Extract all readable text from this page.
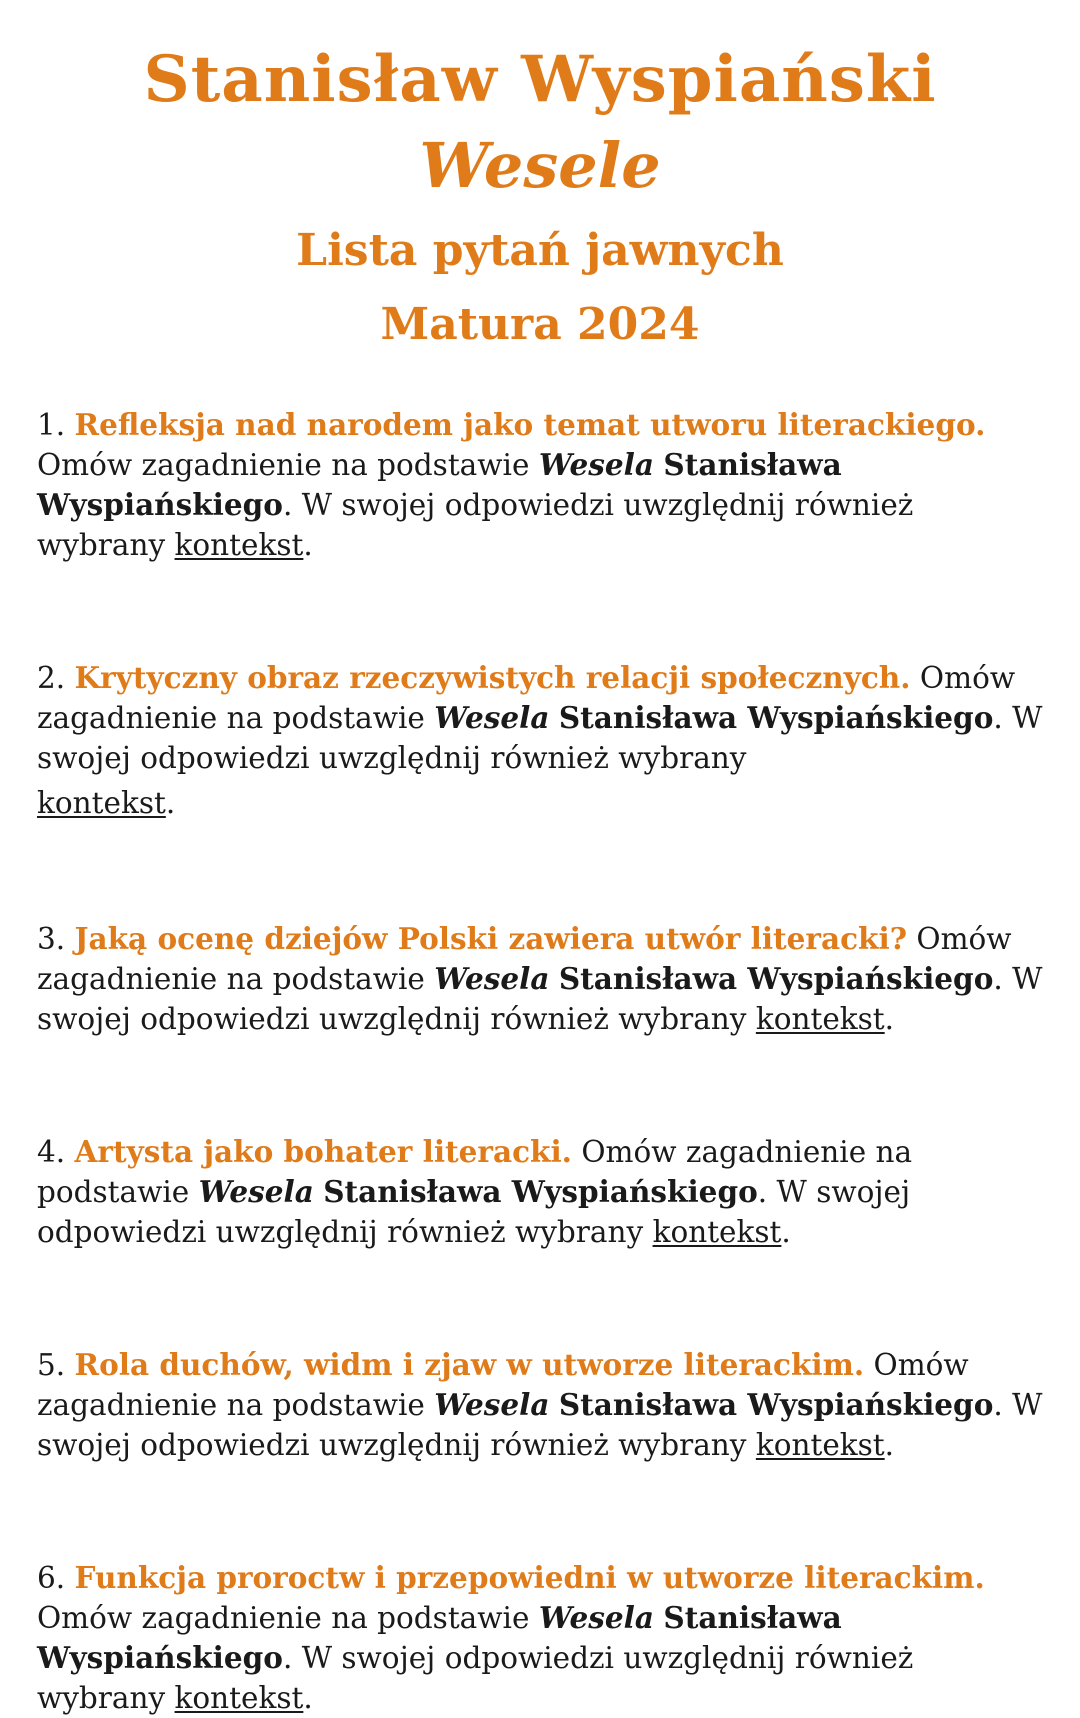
Stanisław Wyspiański
Wesele
Lista pytań jawnych
Matura 2024

1. Refleksja nad narodem jako temat utworu literackiego. Omów zagadnienie na podstawie Wesela Stanisława Wyspiańskiego. W swojej odpowiedzi uwzględnij również wybrany kontekst.

2. Krytyczny obraz rzeczywistych relacji społecznych. Omów zagadnienie na podstawie Wesela Stanisława Wyspiańskiego. W swojej odpowiedzi uwzględnij również wybrany
kontekst.

3. Jaką ocenę dziejów Polski zawiera utwór literacki? Omów zagadnienie na podstawie Wesela Stanisława Wyspiańskiego. W swojej odpowiedzi uwzględnij również wybrany kontekst.

4. Artysta jako bohater literacki. Omów zagadnienie na podstawie Wesela Stanisława Wyspiańskiego. W swojej odpowiedzi uwzględnij również wybrany kontekst.

5. Rola duchów, widm i zjaw w utworze literackim. Omów zagadnienie na podstawie Wesela Stanisława Wyspiańskiego. W swojej odpowiedzi uwzględnij również wybrany kontekst.

6. Funkcja proroctw i przepowiedni w utworze literackim. Omów zagadnienie na podstawie Wesela Stanisława Wyspiańskiego. W swojej odpowiedzi uwzględnij również wybrany kontekst.
